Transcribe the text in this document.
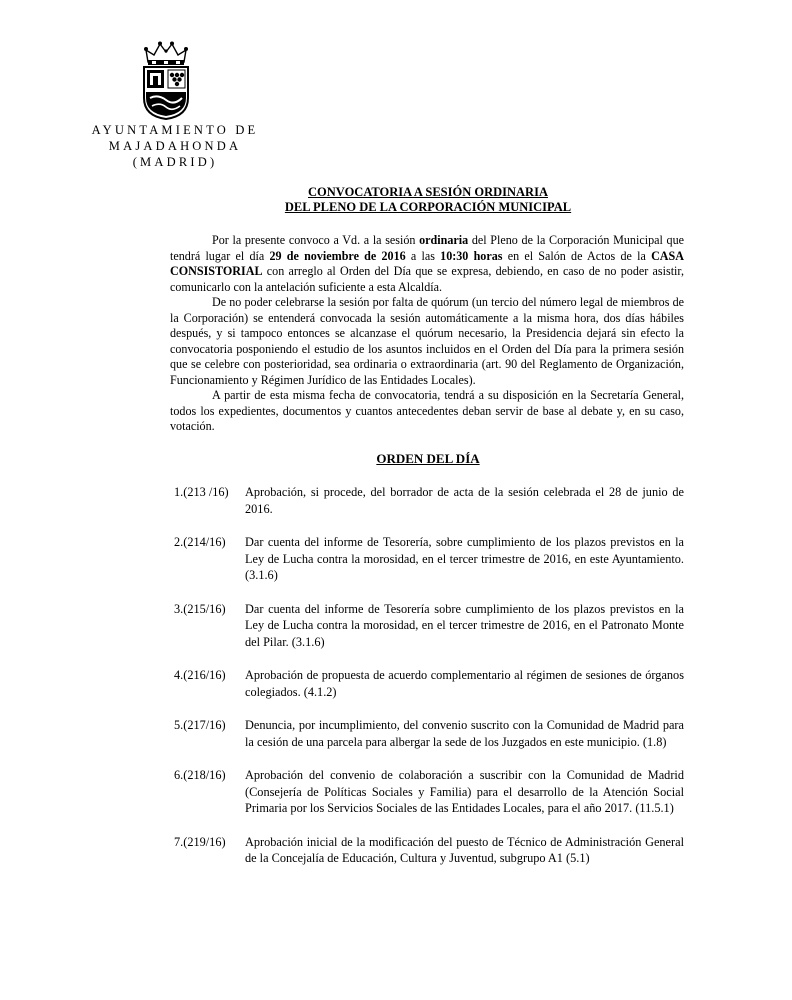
AYUNTAMIENTO DE
MAJADAHONDA
(MADRID)
CONVOCATORIA A SESIÓN ORDINARIA
DEL PLENO DE LA CORPORACIÓN MUNICIPAL

Por la presente convoco a Vd. a la sesión ordinaria del Pleno de la Corporación Municipal que tendrá lugar el día 29 de noviembre de 2016 a las 10:30 horas en el Salón de Actos de la CASA CONSISTORIAL con arreglo al Orden del Día que se expresa, debiendo, en caso de no poder asistir, comunicarlo con la antelación suficiente a esta Alcaldía.

De no poder celebrarse la sesión por falta de quórum (un tercio del número legal de miembros de la Corporación) se entenderá convocada la sesión automáticamente a la misma hora, dos días hábiles después, y si tampoco entonces se alcanzase el quórum necesario, la Presidencia dejará sin efecto la convocatoria posponiendo el estudio de los asuntos incluidos en el Orden del Día para la primera sesión que se celebre con posterioridad, sea ordinaria o extraordinaria (art. 90 del Reglamento de Organización, Funcionamiento y Régimen Jurídico de las Entidades Locales).

A partir de esta misma fecha de convocatoria, tendrá a su disposición en la Secretaría General, todos los expedientes, documentos y cuantos antecedentes deban servir de base al debate y, en su caso, votación.

ORDEN DEL DÍA
1.(213 /16)	Aprobación, si procede, del borrador de acta de la sesión celebrada el 28 de junio de 2016.
2.(214/16)	Dar cuenta del informe de Tesorería, sobre cumplimiento de los plazos previstos en la Ley de Lucha contra la morosidad, en el tercer trimestre de 2016, en este Ayuntamiento. (3.1.6)
3.(215/16)	Dar cuenta del informe de Tesorería sobre cumplimiento de los plazos previstos en la Ley de Lucha contra la morosidad, en el tercer trimestre de 2016, en el Patronato Monte del Pilar. (3.1.6)
4.(216/16)	Aprobación de propuesta de acuerdo complementario al régimen de sesiones de órganos colegiados. (4.1.2)
5.(217/16)	Denuncia, por incumplimiento, del convenio suscrito con la Comunidad de Madrid para la cesión de una parcela para albergar la sede de los Juzgados en este municipio. (1.8)
6.(218/16)	Aprobación del convenio de colaboración a suscribir con la Comunidad de Madrid (Consejería de Políticas Sociales y Familia) para el desarrollo de la Atención Social Primaria por los Servicios Sociales de las Entidades Locales, para el año 2017. (11.5.1)
7.(219/16)	Aprobación inicial de la modificación del puesto de Técnico de Administración General de la Concejalía de Educación, Cultura y Juventud, subgrupo A1 (5.1)
